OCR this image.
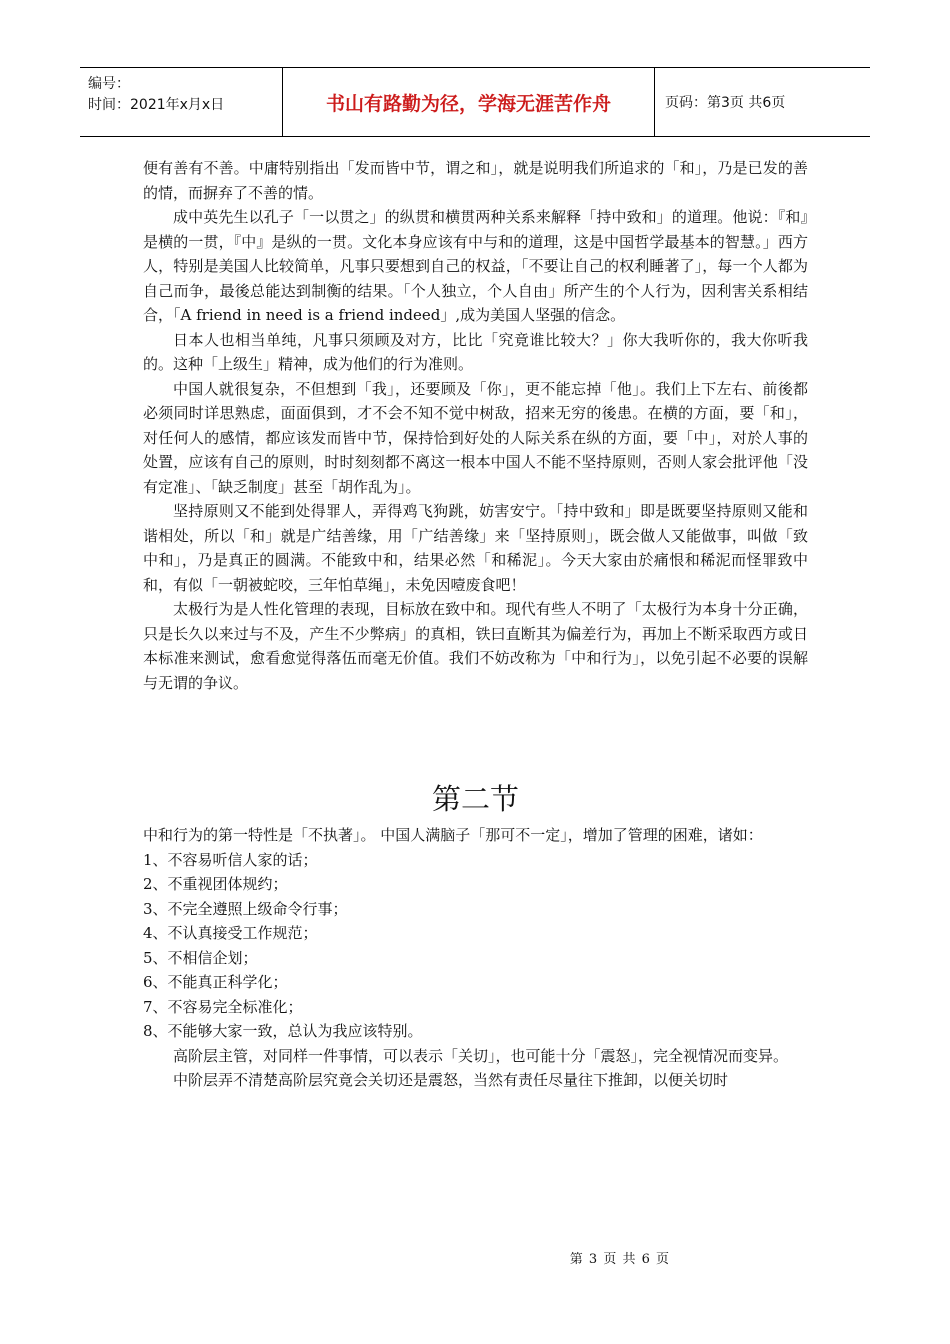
编号：
时间：2021年x月x日	书山有路勤为径，学海无涯苦作舟	页码：第3页 共6页

便有善有不善。中庸特别指出「发而皆中节，谓之和」，就是说明我们所追求的「和」，乃是已发的善的情，而摒弃了不善的情。

成中英先生以孔子「一以贯之」的纵贯和横贯两种关系来解释「持中致和」的道理。他说：『和』是横的一贯，『中』是纵的一贯。文化本身应该有中与和的道理，这是中国哲学最基本的智慧。」西方人，特别是美国人比较简单，凡事只要想到自己的权益，「不要让自己的权利睡著了」，每一个人都为自己而争，最後总能达到制衡的结果。「个人独立，个人自由」所产生的个人行为，因利害关系相结合，「A friend in need is a friend indeed」,成为美国人坚强的信念。

日本人也相当单纯，凡事只须顾及对方，比比「究竟谁比较大？」你大我听你的，我大你听我的。这种「上级生」精神，成为他们的行为准则。

中国人就很复杂，不但想到「我」，还要顾及「你」，更不能忘掉「他」。我们上下左右、前後都必须同时详思熟虑，面面俱到，才不会不知不觉中树敌，招来无穷的後患。在横的方面，要「和」，对任何人的感情，都应该发而皆中节，保持恰到好处的人际关系在纵的方面，要「中」，对於人事的处置，应该有自己的原则，时时刻刻都不离这一根本中国人不能不坚持原则，否则人家会批评他「没有定准」、「缺乏制度」甚至「胡作乱为」。

坚持原则又不能到处得罪人，弄得鸡飞狗跳，妨害安宁。「持中致和」即是既要坚持原则又能和谐相处，所以「和」就是广结善缘，用「广结善缘」来「坚持原则」，既会做人又能做事，叫做「致中和」，乃是真正的圆满。不能致中和，结果必然「和稀泥」。今天大家由於痛恨和稀泥而怪罪致中和，有似「一朝被蛇咬，三年怕草绳」，未免因噎废食吧！

太极行为是人性化管理的表现，目标放在致中和。现代有些人不明了「太极行为本身十分正确，只是长久以来过与不及，产生不少弊病」的真相，铁曰直断其为偏差行为，再加上不断采取西方或日本标准来测试，愈看愈觉得落伍而毫无价值。我们不妨改称为「中和行为」，以免引起不必要的误解与无谓的争议。

第二节

中和行为的第一特性是「不执著」。 中国人满脑子「那可不一定」，增加了管理的困难，诸如：

1、不容易听信人家的话；

2、不重视团体规约；

3、不完全遵照上级命令行事；

4、不认真接受工作规范；

5、不相信企划；

6、不能真正科学化；

7、不容易完全标准化；

8、不能够大家一致，总认为我应该特别。

高阶层主管，对同样一件事情，可以表示「关切」，也可能十分「震怒」，完全视情况而变异。

中阶层弄不清楚高阶层究竟会关切还是震怒，当然有责任尽量往下推卸，以便关切时

第 3 页 共 6 页
